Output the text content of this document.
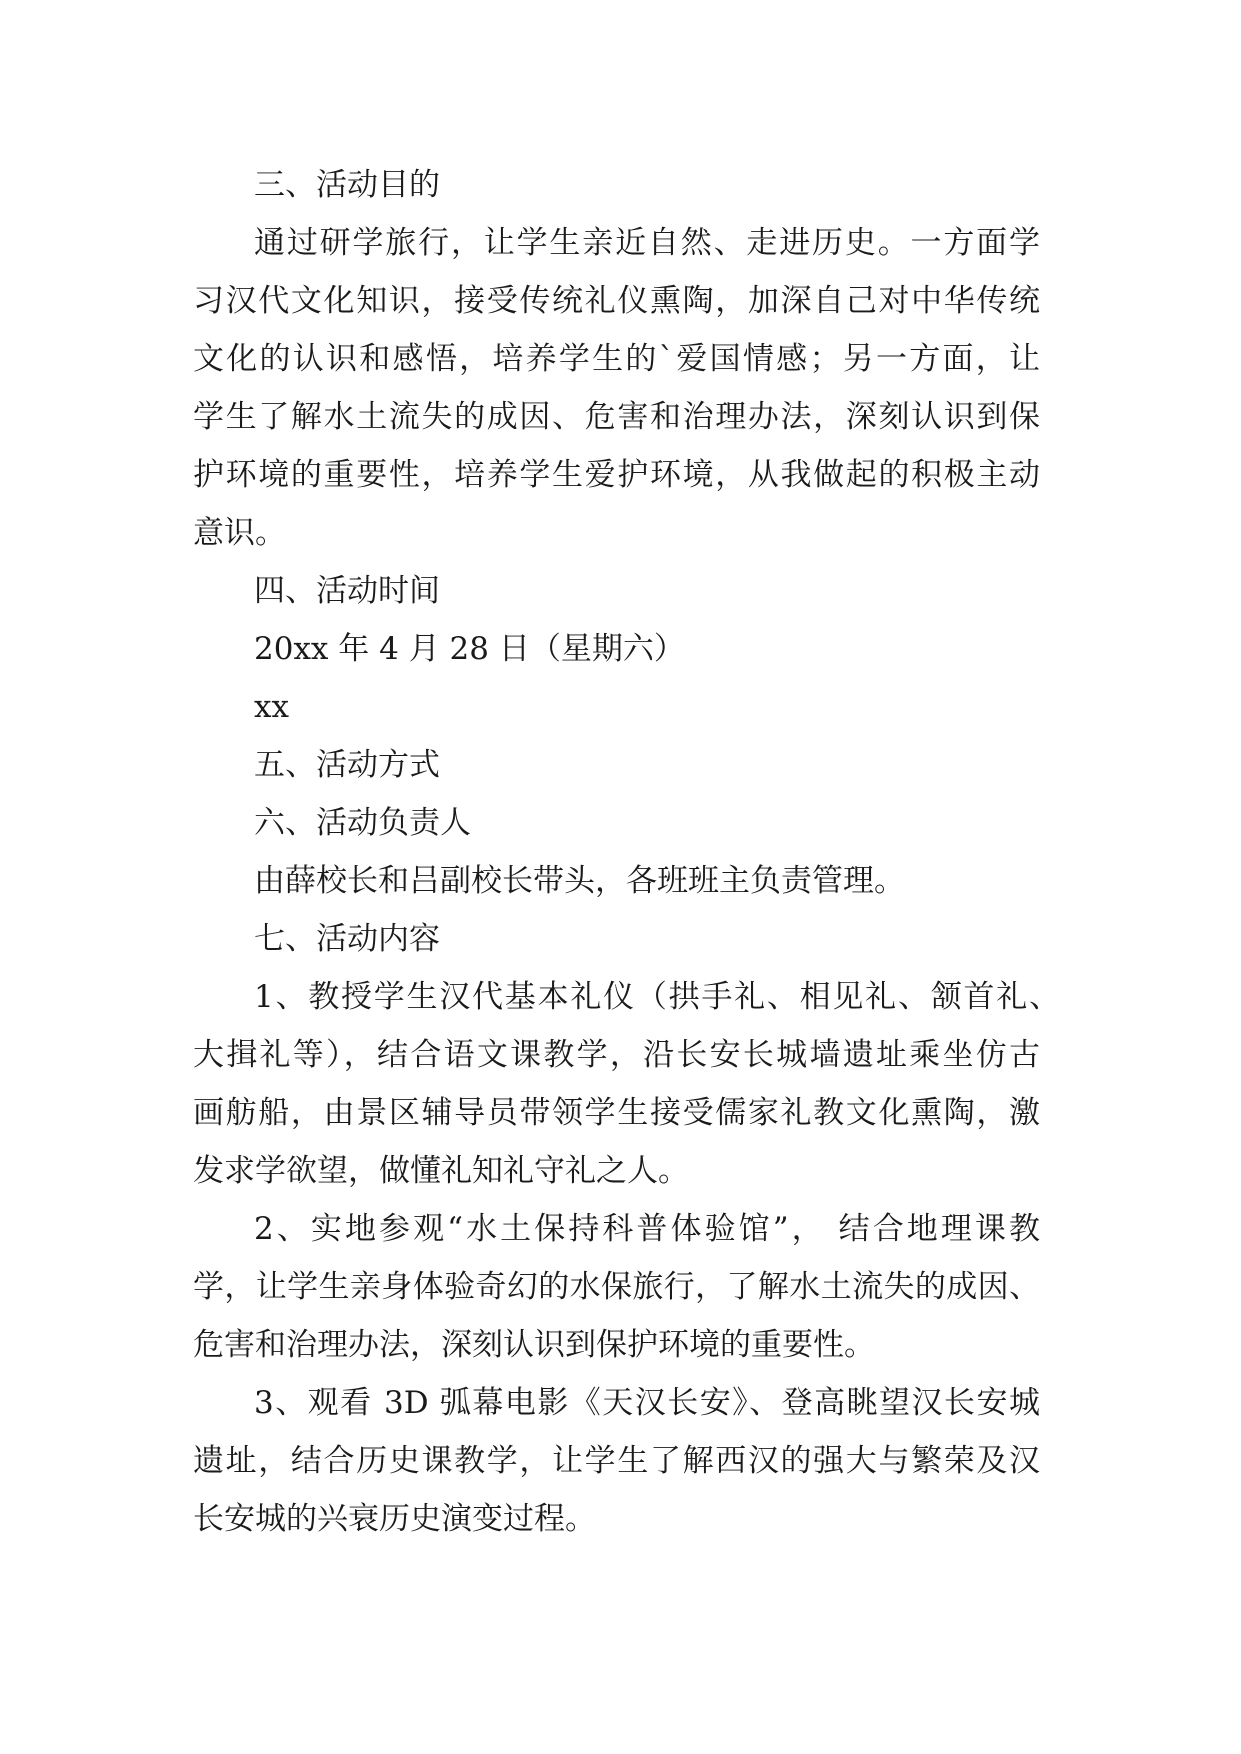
三、活动目的
通过研学旅行，让学生亲近自然、走进历史。一方面学
习汉代文化知识，接受传统礼仪熏陶，加深自己对中华传统
文化的认识和感悟，培养学生的`爱国情感；另一方面，让
学生了解水土流失的成因、危害和治理办法，深刻认识到保
护环境的重要性，培养学生爱护环境，从我做起的积极主动
意识。
四、活动时间
20xx 年 4 月 28 日（星期六）
xx
五、活动方式
六、活动负责人
由薛校长和吕副校长带头，各班班主负责管理。
七、活动内容
1、教授学生汉代基本礼仪（拱手礼、相见礼、颔首礼、
大揖礼等），结合语文课教学，沿长安长城墙遗址乘坐仿古
画舫船，由景区辅导员带领学生接受儒家礼教文化熏陶，激
发求学欲望，做懂礼知礼守礼之人。
2、实地参观“水土保持科普体验馆”， 结合地理课教
学，让学生亲身体验奇幻的水保旅行，了解水土流失的成因、
危害和治理办法，深刻认识到保护环境的重要性。
3、观看 3D 弧幕电影《天汉长安》、登高眺望汉长安城
遗址，结合历史课教学，让学生了解西汉的强大与繁荣及汉
长安城的兴衰历史演变过程。
